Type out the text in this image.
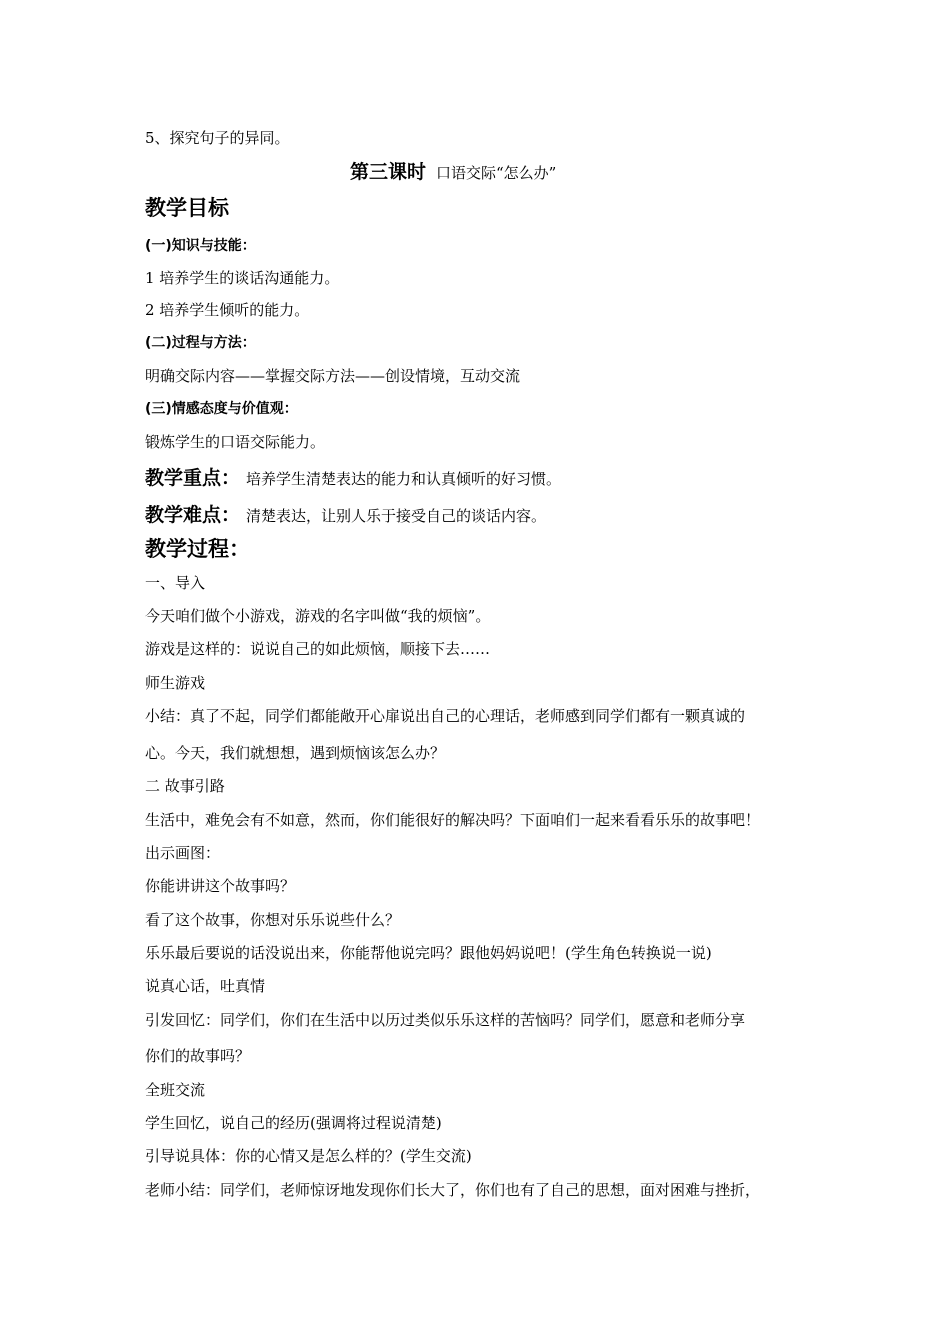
5、探究句子的异同。
第三课时 口语交际“怎么办”
教学目标
(一)知识与技能：
1 培养学生的谈话沟通能力。
2 培养学生倾听的能力。
(二)过程与方法：
明确交际内容——掌握交际方法——创设情境，互动交流
(三)情感态度与价值观：
锻炼学生的口语交际能力。
教学重点： 培养学生清楚表达的能力和认真倾听的好习惯。
教学难点： 清楚表达，让别人乐于接受自己的谈话内容。
教学过程：
一、导入
今天咱们做个小游戏，游戏的名字叫做“我的烦恼”。
游戏是这样的：说说自己的如此烦恼，顺接下去……
师生游戏
小结：真了不起，同学们都能敞开心扉说出自己的心理话，老师感到同学们都有一颗真诚的
心。今天，我们就想想，遇到烦恼该怎么办？
二 故事引路
生活中，难免会有不如意，然而，你们能很好的解决吗？下面咱们一起来看看乐乐的故事吧！
出示画图：
你能讲讲这个故事吗？
看了这个故事，你想对乐乐说些什么？
乐乐最后要说的话没说出来，你能帮他说完吗？跟他妈妈说吧！(学生角色转换说一说)
说真心话，吐真情
引发回忆：同学们，你们在生活中以历过类似乐乐这样的苦恼吗？同学们，愿意和老师分享
你们的故事吗？
全班交流
学生回忆，说自己的经历(强调将过程说清楚)
引导说具体：你的心情又是怎么样的？(学生交流)
老师小结：同学们，老师惊讶地发现你们长大了，你们也有了自己的思想，面对困难与挫折，
